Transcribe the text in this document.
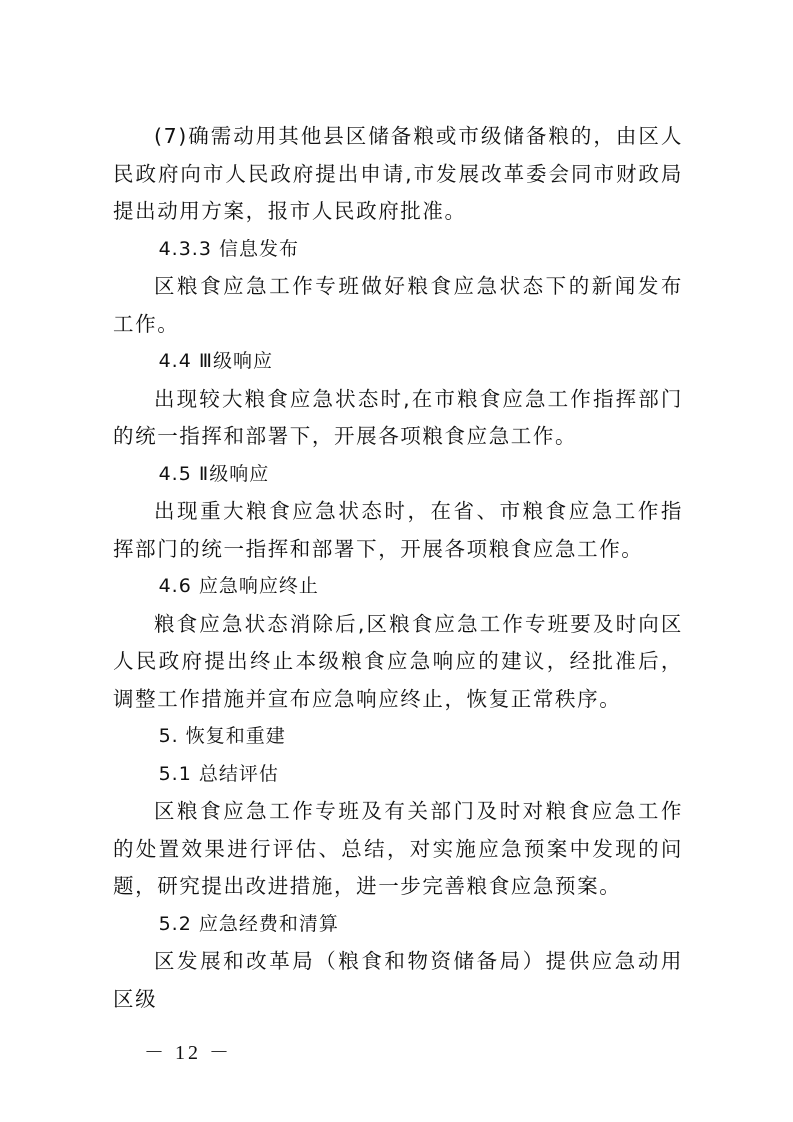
(7)确需动用其他县区储备粮或市级储备粮的，由区人民政府向市人民政府提出申请,市发展改革委会同市财政局提出动用方案，报市人民政府批准。

4.3.3 信息发布

区粮食应急工作专班做好粮食应急状态下的新闻发布工作。

4.4 Ⅲ级响应

出现较大粮食应急状态时,在市粮食应急工作指挥部门的统一指挥和部署下，开展各项粮食应急工作。

4.5 Ⅱ级响应

出现重大粮食应急状态时，在省、市粮食应急工作指挥部门的统一指挥和部署下，开展各项粮食应急工作。

4.6 应急响应终止

粮食应急状态消除后,区粮食应急工作专班要及时向区人民政府提出终止本级粮食应急响应的建议，经批准后，调整工作措施并宣布应急响应终止，恢复正常秩序。

5. 恢复和重建

5.1 总结评估

区粮食应急工作专班及有关部门及时对粮食应急工作的处置效果进行评估、总结，对实施应急预案中发现的问题，研究提出改进措施，进一步完善粮食应急预案。

5.2 应急经费和清算

区发展和改革局（粮食和物资储备局）提供应急动用区级

－ 12 －
